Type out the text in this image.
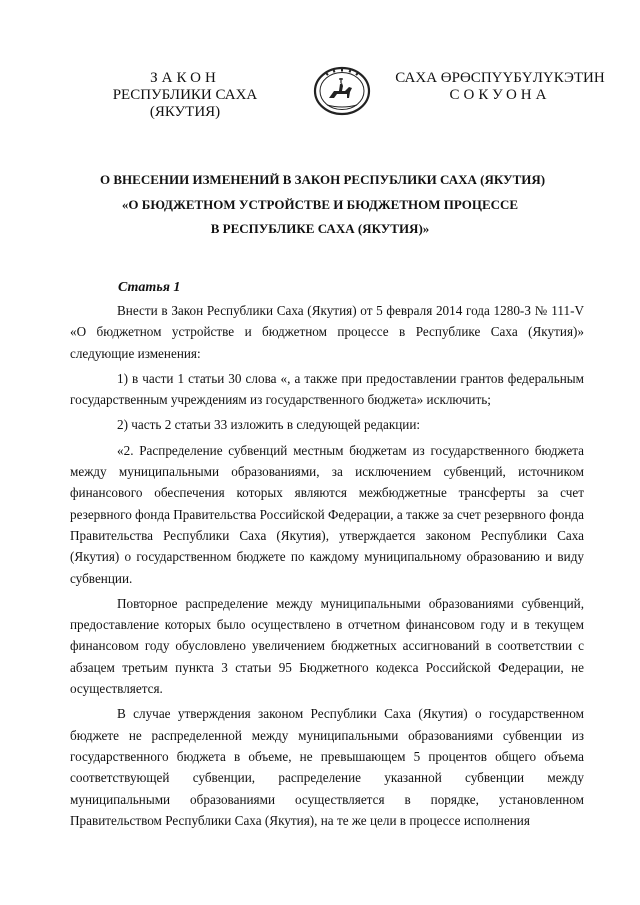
ЗАКОН
РЕСПУБЛИКИ САХА (ЯКУТИЯ)
САХА ӨРӨСПҮҮБҮЛҮКЭТИН
СОКУОНА
О ВНЕСЕНИИ ИЗМЕНЕНИЙ В ЗАКОН РЕСПУБЛИКИ САХА (ЯКУТИЯ)
«О БЮДЖЕТНОМ УСТРОЙСТВЕ И БЮДЖЕТНОМ ПРОЦЕССЕ
В РЕСПУБЛИКЕ САХА (ЯКУТИЯ)»
Статья 1

Внести в Закон Республики Саха (Якутия) от 5 февраля 2014 года 1280-З № 111-V «О бюджетном устройстве и бюджетном процессе в Республике Саха (Якутия)» следующие изменения:

1) в части 1 статьи 30 слова «, а также при предоставлении грантов федеральным государственным учреждениям из государственного бюджета» исключить;

2) часть 2 статьи 33 изложить в следующей редакции:

«2. Распределение субвенций местным бюджетам из государственного бюджета между муниципальными образованиями, за исключением субвенций, источником финансового обеспечения которых являются межбюджетные трансферты за счет резервного фонда Правительства Российской Федерации, а также за счет резервного фонда Правительства Республики Саха (Якутия), утверждается законом Республики Саха (Якутия) о государственном бюджете по каждому муниципальному образованию и виду субвенции.

Повторное распределение между муниципальными образованиями субвенций, предоставление которых было осуществлено в отчетном финансовом году и в текущем финансовом году обусловлено увеличением бюджетных ассигнований в соответствии с абзацем третьим пункта 3 статьи 95 Бюджетного кодекса Российской Федерации, не осуществляется.

В случае утверждения законом Республики Саха (Якутия) о государственном бюджете не распределенной между муниципальными образованиями субвенции из государственного бюджета в объеме, не превышающем 5 процентов общего объема соответствующей субвенции, распределение указанной субвенции между муниципальными образованиями осуществляется в порядке, установленном Правительством Республики Саха (Якутия), на те же цели в процессе исполнения
